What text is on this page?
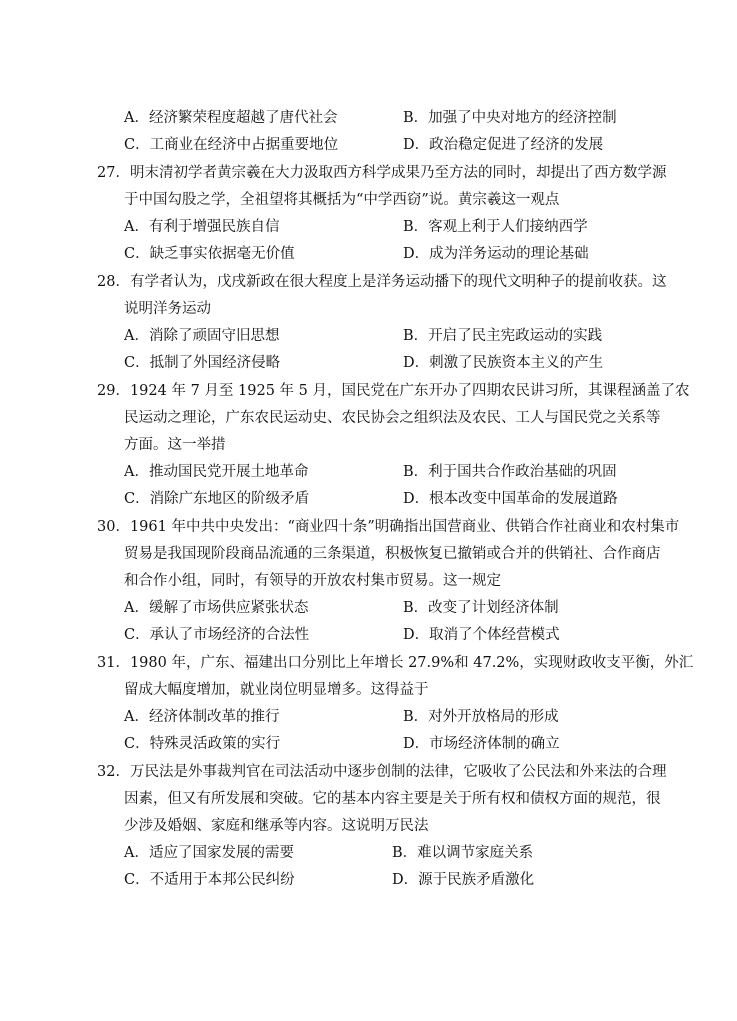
A．经济繁荣程度超越了唐代社会	B．加强了中央对地方的经济控制
C．工商业在经济中占据重要地位	D．政治稳定促进了经济的发展
27．明末清初学者黄宗羲在大力汲取西方科学成果乃至方法的同时，却提出了西方数学源
于中国勾股之学，全祖望将其概括为“中学西窃”说。黄宗羲这一观点
A．有利于增强民族自信	B．客观上利于人们接纳西学
C．缺乏事实依据毫无价值	D．成为洋务运动的理论基础
28．有学者认为，戊戌新政在很大程度上是洋务运动播下的现代文明种子的提前收获。这
说明洋务运动
A．消除了顽固守旧思想	B．开启了民主宪政运动的实践
C．抵制了外国经济侵略	D．刺激了民族资本主义的产生
29．1924 年 7 月至 1925 年 5 月，国民党在广东开办了四期农民讲习所，其课程涵盖了农
民运动之理论，广东农民运动史、农民协会之组织法及农民、工人与国民党之关系等
方面。这一举措
A．推动国民党开展土地革命	B．利于国共合作政治基础的巩固
C．消除广东地区的阶级矛盾	D．根本改变中国革命的发展道路
30．1961 年中共中央发出：“商业四十条”明确指出国营商业、供销合作社商业和农村集市
贸易是我国现阶段商品流通的三条渠道，积极恢复已撤销或合并的供销社、合作商店
和合作小组，同时，有领导的开放农村集市贸易。这一规定
A．缓解了市场供应紧张状态	B．改变了计划经济体制
C．承认了市场经济的合法性	D．取消了个体经营模式
31．1980 年，广东、福建出口分别比上年增长 27.9%和 47.2%，实现财政收支平衡，外汇
留成大幅度增加，就业岗位明显增多。这得益于
A．经济体制改革的推行	B．对外开放格局的形成
C．特殊灵活政策的实行	D．市场经济体制的确立
32．万民法是外事裁判官在司法活动中逐步创制的法律，它吸收了公民法和外来法的合理
因素，但又有所发展和突破。它的基本内容主要是关于所有权和债权方面的规范，很
少涉及婚姻、家庭和继承等内容。这说明万民法
A．适应了国家发展的需要	B．难以调节家庭关系
C．不适用于本邦公民纠纷	D．源于民族矛盾激化
